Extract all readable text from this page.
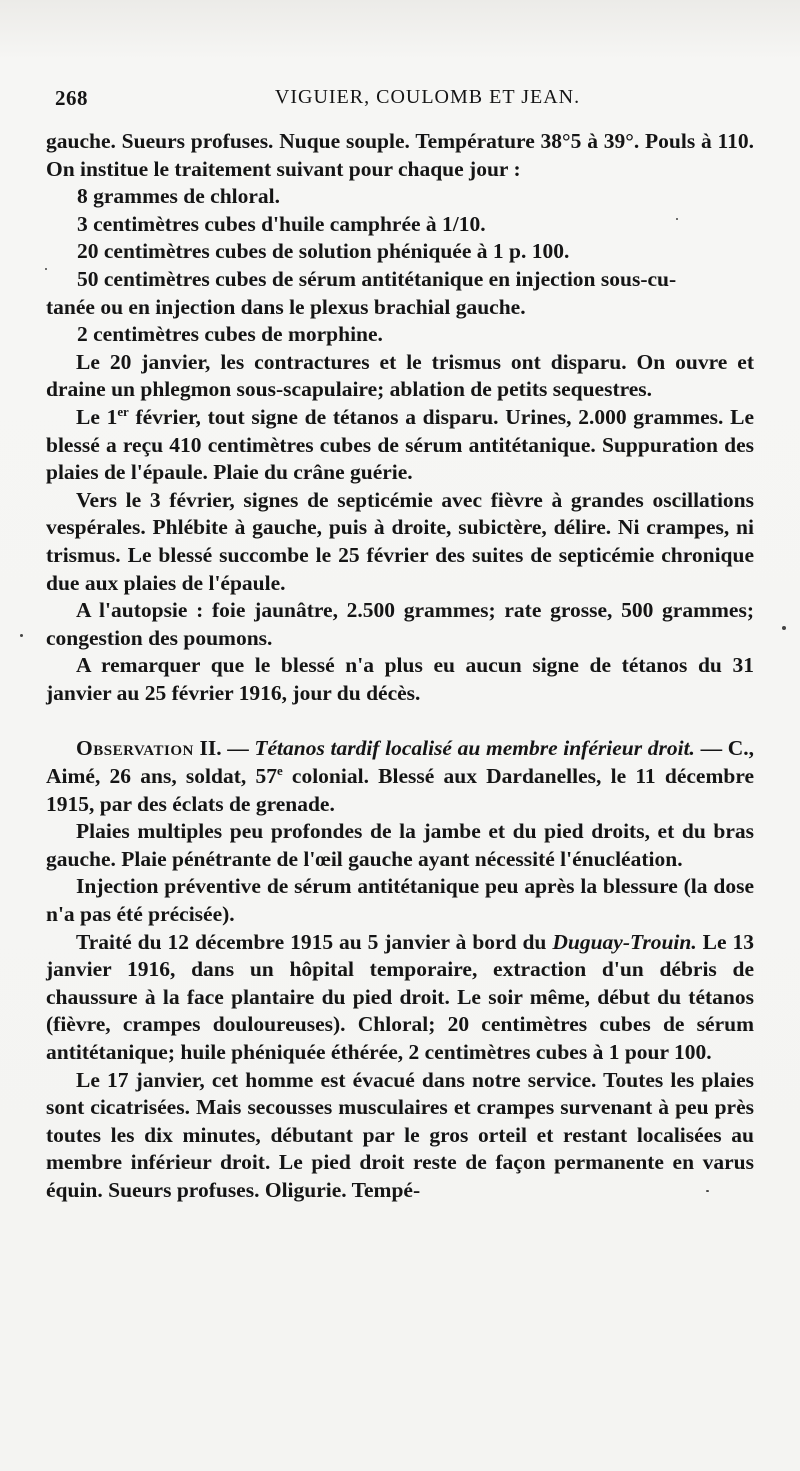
268	VIGUIER, COULOMB ET JEAN.

gauche. Sueurs profuses. Nuque souple. Température 38°5 à 39°. Pouls à 110. On institue le traitement suivant pour chaque jour :

8 grammes de chloral.

3 centimètres cubes d'huile camphrée à 1/10.

20 centimètres cubes de solution phéniquée à 1 p. 100.

50 centimètres cubes de sérum antitétanique en injection sous-cu-

tanée ou en injection dans le plexus brachial gauche.

2 centimètres cubes de morphine.

Le 20 janvier, les contractures et le trismus ont disparu. On ouvre et draine un phlegmon sous-scapulaire; ablation de petits sequestres.

Le 1er février, tout signe de tétanos a disparu. Urines, 2.000 grammes. Le blessé a reçu 410 centimètres cubes de sérum antitétanique. Suppuration des plaies de l'épaule. Plaie du crâne guérie.

Vers le 3 février, signes de septicémie avec fièvre à grandes oscillations vespérales. Phlébite à gauche, puis à droite, subictère, délire. Ni crampes, ni trismus. Le blessé succombe le 25 février des suites de septicémie chronique due aux plaies de l'épaule.

A l'autopsie : foie jaunâtre, 2.500 grammes; rate grosse, 500 grammes; congestion des poumons.

A remarquer que le blessé n'a plus eu aucun signe de tétanos du 31 janvier au 25 février 1916, jour du décès.

Observation II. — Tétanos tardif localisé au membre inférieur droit. — C., Aimé, 26 ans, soldat, 57e colonial. Blessé aux Dardanelles, le 11 décembre 1915, par des éclats de grenade.

Plaies multiples peu profondes de la jambe et du pied droits, et du bras gauche. Plaie pénétrante de l'œil gauche ayant nécessité l'énucléation.

Injection préventive de sérum antitétanique peu après la blessure (la dose n'a pas été précisée).

Traité du 12 décembre 1915 au 5 janvier à bord du Duguay-Trouin. Le 13 janvier 1916, dans un hôpital temporaire, extraction d'un débris de chaussure à la face plantaire du pied droit. Le soir même, début du tétanos (fièvre, crampes douloureuses). Chloral; 20 centimètres cubes de sérum antitétanique; huile phéniquée éthérée, 2 centimètres cubes à 1 pour 100.

Le 17 janvier, cet homme est évacué dans notre service. Toutes les plaies sont cicatrisées. Mais secousses musculaires et crampes survenant à peu près toutes les dix minutes, débutant par le gros orteil et restant localisées au membre inférieur droit. Le pied droit reste de façon permanente en varus équin. Sueurs profuses. Oligurie. Tempé-
